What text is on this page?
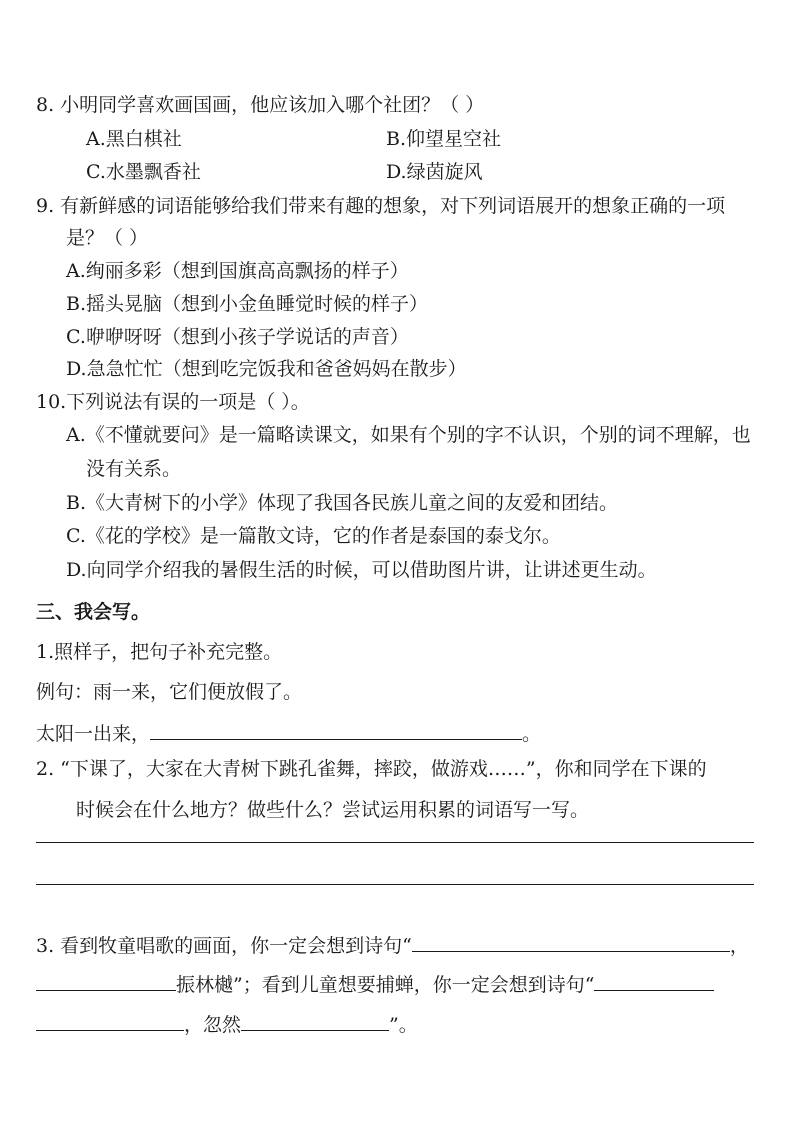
8. 小明同学喜欢画国画，他应该加入哪个社团？（ ）
A.黑白棋社	B.仰望星空社
C.水墨飘香社	D.绿茵旋风
9. 有新鲜感的词语能够给我们带来有趣的想象，对下列词语展开的想象正确的一项
是？（ ）
A.绚丽多彩（想到国旗高高飘扬的样子）
B.摇头晃脑（想到小金鱼睡觉时候的样子）
C.咿咿呀呀（想到小孩子学说话的声音）
D.急急忙忙（想到吃完饭我和爸爸妈妈在散步）
10.下列说法有误的一项是（ ）。
A.《不懂就要问》是一篇略读课文，如果有个别的字不认识，个别的词不理解，也
没有关系。
B.《大青树下的小学》体现了我国各民族儿童之间的友爱和团结。
C.《花的学校》是一篇散文诗，它的作者是泰国的泰戈尔。
D.向同学介绍我的暑假生活的时候，可以借助图片讲，让讲述更生动。
三、我会写。
1.照样子，把句子补充完整。
例句：雨一来，它们便放假了。
太阳一出来，	。
2. “下课了，大家在大青树下跳孔雀舞，摔跤，做游戏……”，你和同学在下课的
时候会在什么地方？做些什么？尝试运用积累的词语写一写。
3. 看到牧童唱歌的画面，你一定会想到诗句“	，
振林樾”；看到儿童想要捕蝉，你一定会想到诗句“
，忽然	”。
